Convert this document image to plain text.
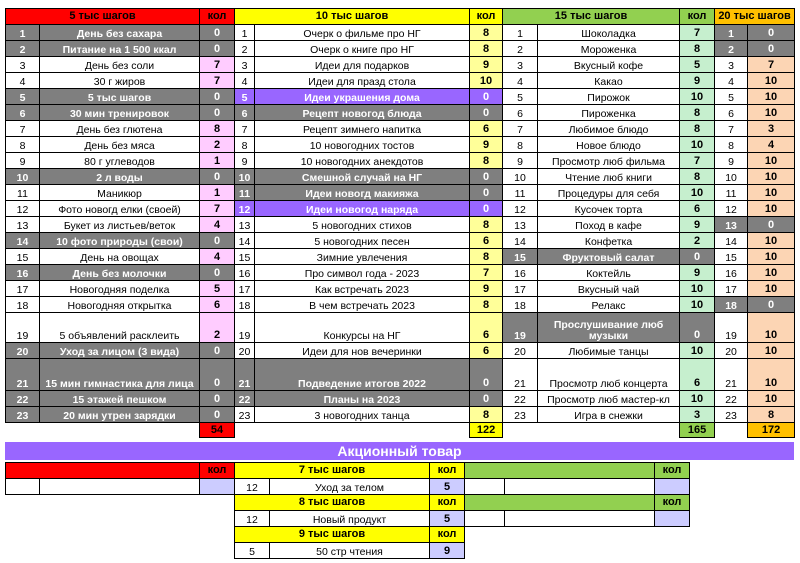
5 тыс шагов		кол	10 тыс шагов		кол	15 тыс шагов		кол	20 тыс шагов	
1	День без сахара	0	1	Очерк о фильме про НГ	8	1	Шоколадка	7	1	0
2	Питание на 1 500 ккал	0	2	Очерк о книге про НГ	8	2	Мороженка	8	2	0
3	День без соли	7	3	Идеи для подарков	9	3	Вкусный кофе	5	3	7
4	30 г жиров	7	4	Идеи для празд стола	10	4	Какао	9	4	10
5	5 тыс шагов	0	5	Идеи украшения дома	0	5	Пирожок	10	5	10
6	30 мин тренировок	0	6	Рецепт новогод блюда	0	6	Пироженка	8	6	10
7	День без глютена	8	7	Рецепт зимнего напитка	6	7	Любимое блюдо	8	7	3
8	День без мяса	2	8	10 новогодних тостов	9	8	Новое блюдо	10	8	4
9	80 г углеводов	1	9	10 новогодних анекдотов	8	9	Просмотр люб фильма	7	9	10
10	2 л воды	0	10	Смешной случай на НГ	0	10	Чтение люб книги	8	10	10
11	Маникюр	1	11	Идеи новогд макияжа	0	11	Процедуры для себя	10	11	10
12	Фото новогд елки (своей)	7	12	Идеи новогод наряда	0	12	Кусочек торта	6	12	10
13	Букет из листьев/веток	4	13	5 новогодних стихов	8	13	Поход в кафе	9	13	0
14	10 фото природы (свои)	0	14	5 новогодних песен	6	14	Конфетка	2	14	10
15	День на овощах	4	15	Зимние увлечения	8	15	Фруктовый салат	0	15	10
16	День без молочки	0	16	Про символ года - 2023	7	16	Коктейль	9	16	10
17	Новогодняя поделка	5	17	Как встречать 2023	9	17	Вкусный чай	10	17	10
18	Новогодняя открытка	6	18	В чем встречать 2023	8	18	Релакс	10	18	0
19	5 объявлений расклеить	2	19	Конкурсы на НГ	6	19	Прослушивание люб музыки	0	19	10
20	Уход за лицом (3 вида)	0	20	Идеи для нов вечеринки	6	20	Любимые танцы	10	20	10
21	15 мин гимнастика для лица	0	21	Подведение итогов 2022	0	21	Просмотр люб концерта	6	21	10
22	15 этажей пешком	0	22	Планы на 2023	0	22	Просмотр люб мастер-кл	10	22	10
23	20 мин утрен зарядки	0	23	3 новогодних танца	8	23	Игра в снежки	3	23	8
		54			122			165		172
Акционный товар
		кол	7 тыс шагов		кол			кол	
			12	Уход за телом	5				
			8 тыс шагов		кол			кол	
			12	Новый продукт	5				
			9 тыс шагов		кол				
			5	50 стр чтения	9				
